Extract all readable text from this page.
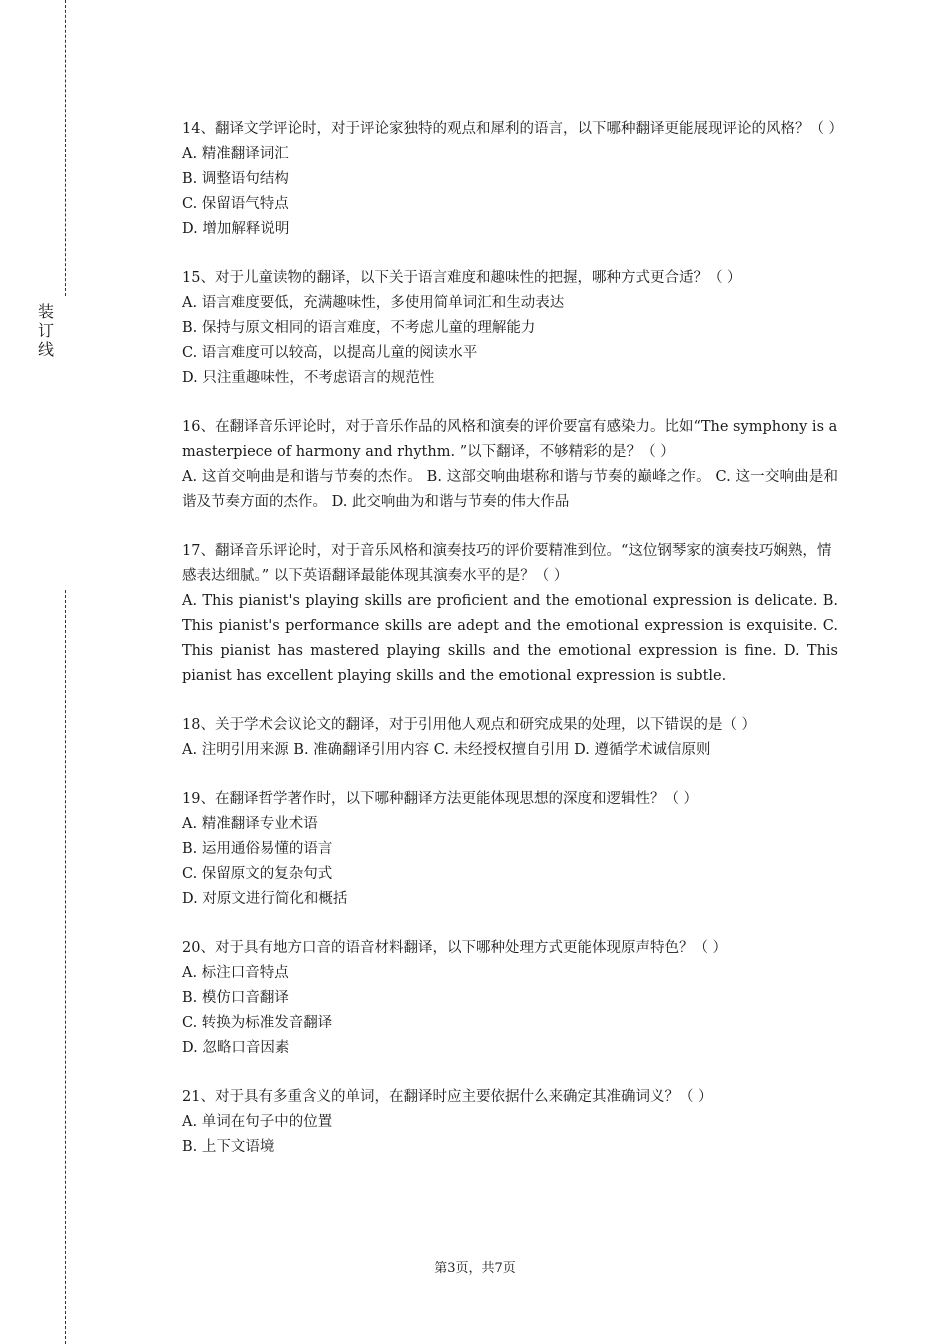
装订线
14、翻译文学评论时，对于评论家独特的观点和犀利的语言，以下哪种翻译更能展现评论的风格？（ ）
A. 精准翻译词汇
B. 调整语句结构
C. 保留语气特点
D. 增加解释说明
15、对于儿童读物的翻译，以下关于语言难度和趣味性的把握，哪种方式更合适？（ ）
A. 语言难度要低，充满趣味性，多使用简单词汇和生动表达
B. 保持与原文相同的语言难度，不考虑儿童的理解能力
C. 语言难度可以较高，以提高儿童的阅读水平
D. 只注重趣味性，不考虑语言的规范性
16、在翻译音乐评论时，对于音乐作品的风格和演奏的评价要富有感染力。比如“The symphony is a masterpiece of harmony and rhythm. ”以下翻译，不够精彩的是？（ ）
A. 这首交响曲是和谐与节奏的杰作。 B. 这部交响曲堪称和谐与节奏的巅峰之作。 C. 这一交响曲是和谐及节奏方面的杰作。 D. 此交响曲为和谐与节奏的伟大作品
17、翻译音乐评论时，对于音乐风格和演奏技巧的评价要精准到位。“这位钢琴家的演奏技巧娴熟，情感表达细腻。” 以下英语翻译最能体现其演奏水平的是？（ ）
A. This pianist's playing skills are proficient and the emotional expression is delicate. B. This pianist's performance skills are adept and the emotional expression is exquisite. C. This pianist has mastered playing skills and the emotional expression is fine. D. This pianist has excellent playing skills and the emotional expression is subtle.
18、关于学术会议论文的翻译，对于引用他人观点和研究成果的处理，以下错误的是（ ）
A. 注明引用来源 B. 准确翻译引用内容 C. 未经授权擅自引用 D. 遵循学术诚信原则
19、在翻译哲学著作时，以下哪种翻译方法更能体现思想的深度和逻辑性？（ ）
A. 精准翻译专业术语
B. 运用通俗易懂的语言
C. 保留原文的复杂句式
D. 对原文进行简化和概括
20、对于具有地方口音的语音材料翻译，以下哪种处理方式更能体现原声特色？（ ）
A. 标注口音特点
B. 模仿口音翻译
C. 转换为标准发音翻译
D. 忽略口音因素
21、对于具有多重含义的单词，在翻译时应主要依据什么来确定其准确词义？（ ）
A. 单词在句子中的位置
B. 上下文语境
第3页，共7页
